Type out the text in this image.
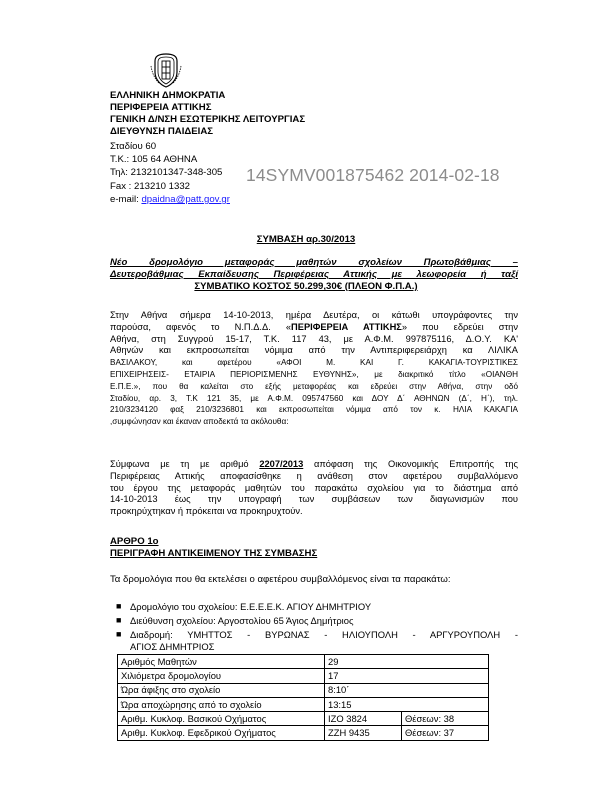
ΕΛΛΗΝΙΚΗ ΔΗΜΟΚΡΑΤΙΑ
ΠΕΡΙΦΕΡΕΙΑ ΑΤΤΙΚΗΣ
ΓΕΝΙΚΗ Δ/ΝΣΗ ΕΣΩΤΕΡΙΚΗΣ ΛΕΙΤΟΥΡΓΙΑΣ
ΔΙΕΥΘΥΝΣΗ ΠΑΙΔΕΙΑΣ
Σταδίου 60
Τ.Κ.: 105 64 ΑΘΗΝΑ
Τηλ: 2132101347-348-305
Fax : 213210 1332
e-mail: dpaidna@patt.gov.gr
14SYMV001875462 2014-02-18
ΣΥΜΒΑΣΗ αρ.30/2013
Νέο δρομολόγιο μεταφοράς μαθητών σχολείων Πρωτοβάθμιας –
Δευτεροβάθμιας Εκπαίδευσης Περιφέρειας Αττικής με λεωφορεία ή ταξί
ΣΥΜΒΑΤΙΚΟ ΚΟΣΤΟΣ 50.299,30€ (ΠΛΕΟΝ Φ.Π.Α.)
Στην Αθήνα σήμερα 14-10-2013, ημέρα Δευτέρα, οι κάτωθι υπογράφοντες την
παρούσα, αφενός το Ν.Π.Δ.Δ. «ΠΕΡΙΦΕΡΕΙΑ ΑΤΤΙΚΗΣ» που εδρεύει στην
Αθήνα, στη Συγγρού 15-17, Τ.Κ. 117 43, με Α.Φ.Μ. 997875116, Δ.Ο.Υ. ΚΑ'
Αθηνών και εκπροσωπείται νόμιμα από την Αντιπεριφερειάρχη κα ΛΙΛΙΚΑ
ΒΑΣΙΛΑΚΟΥ, και αφετέρου «ΑΦΟΙ Μ. ΚΑΙ Γ. ΚΑΚΑΓΙΑ-ΤΟΥΡΙΣΤΙΚΕΣ
ΕΠΙΧΕΙΡΗΣΕΙΣ- ΕΤΑΙΡΙΑ ΠΕΡΙΟΡΙΣΜΕΝΗΣ ΕΥΘΥΝΗΣ», με διακριτικό τίτλο «ΟΙΑΝΘΗ
Ε.Π.Ε.», που θα καλείται στο εξής μεταφορέας και εδρεύει στην Αθήνα, στην οδό
Σταδίου, αρ. 3, Τ.Κ 121 35, με Α.Φ.Μ. 095747560 και ΔΟΥ Δ΄ ΑΘΗΝΩΝ (Δ΄, Η΄), τηλ.
210/3234120 φαξ 210/3236801 και εκπροσωπείται νόμιμα από τον κ. ΗΛΙΑ ΚΑΚΑΓΙΑ
,συμφώνησαν και έκαναν αποδεκτά τα ακόλουθα:
Σύμφωνα με τη με αριθμό 2207/2013 απόφαση της Οικονομικής Επιτροπής της
Περιφέρειας Αττικής αποφασίσθηκε η ανάθεση στον αφετέρου συμβαλλόμενο
του έργου της μεταφοράς μαθητών του παρακάτω σχολείου για το διάστημα από
14-10-2013 έως την υπογραφή των συμβάσεων των διαγωνισμών που
προκηρύχτηκαν ή πρόκειται να προκηρυχτούν.
ΑΡΘΡΟ 1ο
ΠΕΡΙΓΡΑΦΗ ΑΝΤΙΚΕΙΜΕΝΟΥ ΤΗΣ ΣΥΜΒΑΣΗΣ
Τα δρομολόγια που θα εκτελέσει ο αφετέρου συμβαλλόμενος είναι τα παρακάτω:
■ Δρομολόγιο του σχολείου: Ε.Ε.Ε.Ε.Κ. ΑΓΙΟΥ ΔΗΜΗΤΡΙΟΥ
■ Διεύθυνση σχολείου: Αργοστολίου 65 Άγιος Δημήτριος
■ Διαδρομή: ΥΜΗΤΤΟΣ - ΒΥΡΩΝΑΣ - ΗΛΙΟΥΠΟΛΗ - ΑΡΓΥΡΟΥΠΟΛΗ -
ΑΓΙΟΣ ΔΗΜΗΤΡΙΟΣ
Αριθμός Μαθητών	29	
Χιλιόμετρα δρομολογίου	17	
Ώρα άφιξης στο σχολείο	8:10΄	
Ώρα αποχώρησης από το σχολείο	13:15	
Αριθμ. Κυκλοφ. Βασικού Οχήματος	ΙΖΟ 3824	Θέσεων: 38
Αριθμ. Κυκλοφ. Εφεδρικού Οχήματος	ΖΖΗ 9435	Θέσεων: 37
